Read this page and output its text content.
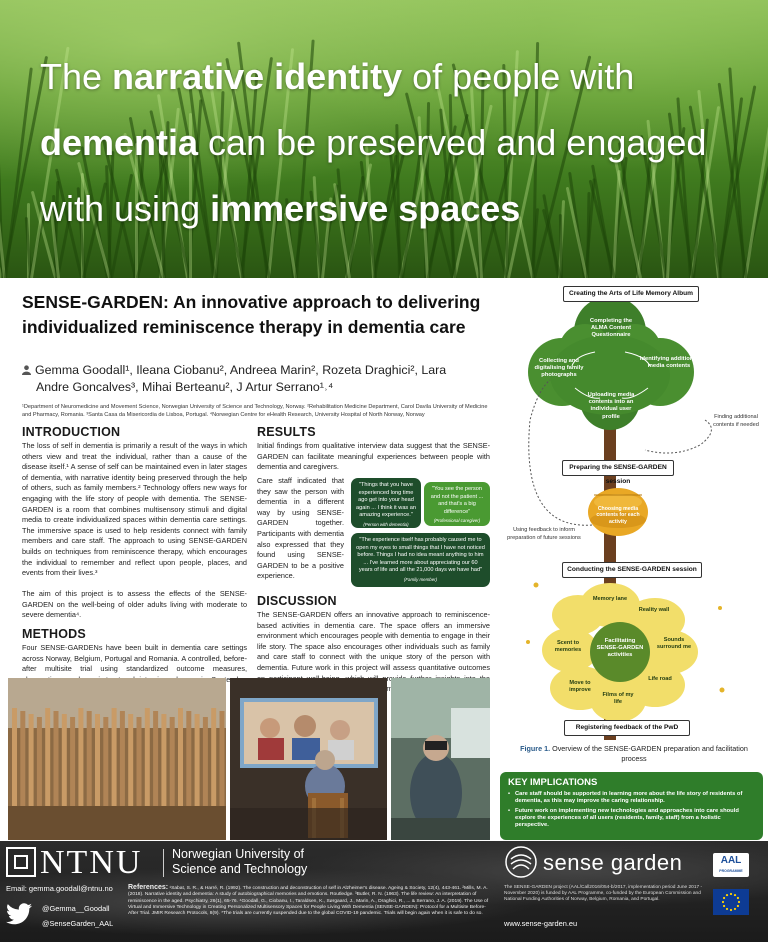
The narrative identity of people with
dementia can be preserved and engaged
with using immersive spaces
SENSE-GARDEN: An innovative approach to delivering individualized reminiscence therapy in dementia care
Gemma Goodall¹, Ileana Ciobanu², Andreea Marin², Rozeta Draghici², Lara
Andre Goncalves³, Mihai Berteanu², J Artur Serrano¹˒⁴
¹Department of Neuromedicine and Movement Science, Norwegian University of Science and Technology, Norway. ²Rehabilitation Medicine Department, Carol Davila University of Medicine and Pharmacy, Romania. ³Santa Casa da Misericordia de Lisboa, Portugal. ⁴Norwegian Centre for eHealth Research, University Hospital of North Norway, Norway
INTRODUCTION
The loss of self in dementia is primarily a result of the ways in which others view and treat the individual, rather than a cause of the disease itself.¹ A sense of self can be maintained even in later stages of dementia, with narrative identity being preserved through the help of others, such as family members.² Technology offers new ways for engaging with the life story of people with dementia. The SENSE-GARDEN is a room that combines multisensory stimuli and digital media to create individualized spaces within dementia care settings. The immersive space is used to help residents connect with family members and care staff. The approach to using SENSE-GARDEN builds on techniques from reminiscence therapy, which encourages the individual to remember and reflect upon people, places, and events from their lives.³
The aim of this project is to assess the effects of the SENSE-GARDEN on the well-being of older adults living with moderate to severe dementia⁴.
METHODS
Four SENSE-GARDENs have been built in dementia care settings across Norway, Belgium, Portugal and Romania. A controlled, before-after multisite trial using standardized outcome measures, September
RESULTS
Initial findings from qualitative interview data suggest that the SENSE-GARDEN can facilitate meaningful experiences between people with dementia and caregivers.
Care staff indicated that they saw the person with dementia in a different way by using SENSE-GARDEN together. Participants with dementia also expressed that they found using SENSE-GARDEN to be a positive experience.
"Things that you have experienced long time ago get into your head again ... I think it was an amazing experience."
(Person with dementia)
"You see the person and not the patient ... and that's a big difference"
(Professional caregiver)
"The experience itself has probably caused me to open my eyes to small things that I have not noticed before. Things I had no idea meant anything to him ... I've learned more about appreciating our 60 years of life and all the 21,000 days we have had"
(Family member)
DISCUSSION
The SENSE-GARDEN offers an innovative approach to reminiscence-based activities in dementia care. The space offers an immersive environment which encourages people with dementia to engage in their life story. The space also encourages other individuals such as family and care staff to connect with the unique story of the person with dementia. Future work in this project will assess quantitative outcomes
Creating the Arts of Life Memory Album
Completing the ALMA Content Questionnaire
Collecting and digitalising family photographs
Identifying additional media contents
Uploading media contents into an individual user profile	Finding additional contents if needed
Preparing the SENSE-GARDEN session
Choosing media contents for each activity
Using feedback to inform preparation of future sessions
Conducting the SENSE-GARDEN session
Memory lane
Reality wall
Sounds surround me
Life road
Films of my life
Move to improve
Scent to memories
Facilitating SENSE-GARDEN activities
Registering feedback of the PwD
Figure 1. Overview of the SENSE-GARDEN preparation and facilitation process
KEY IMPLICATIONS
• Care staff should be supported in learning more about the life story of residents of dementia, as this may improve the caring relationship.
• Future work on implementing new technologies and approaches into care should explore the experiences of all users (residents, family, staff) from a holistic perspective.
NTNU Norwegian University of Science and Technology
Email: gemma.goodall@ntnu.no
@Gemma__Goodall
@SenseGarden_AAL
References: ¹Sabat, S. R., & Harré, R. (1992). The construction and deconstruction of self in Alzheimer's disease. Ageing & Society, 12(4), 443-461. ²Mills, M. A. (2018). Narrative identity and dementia: A study of autobiographical memories and emotions. Routledge. ³Butler, R. N. (1963). The life review: An interpretation of reminiscence in the aged. Psychiatry, 26(1), 65-76. ⁴Goodall, G., Ciobanu, I., Taraldsen, K., Sørgaard, J., Marin, A., Draghici, R., ... & Serrano, J. A. (2019). The Use of Virtual and Immersive Technology in Creating Personalized Multisensory Spaces for People Living With Dementia (SENSE-GARDEN): Protocol for a Multisite Before-After Trial. JMIR Research Protocols, 8(9). *The trials are currently suspended due to the global COVID-19 pandemic. Trials will begin again when it is safe to do so.
sense garden	AAL
PROGRAMME
The SENSE-GARDEN project (AAL/Call2016/054-b/2017, implementation period June 2017 - November 2020) is funded by AAL Programme, co-funded by the European Commission and National Funding Authorities of Norway, Belgium, Romania, and Portugal.
www.sense-garden.eu
